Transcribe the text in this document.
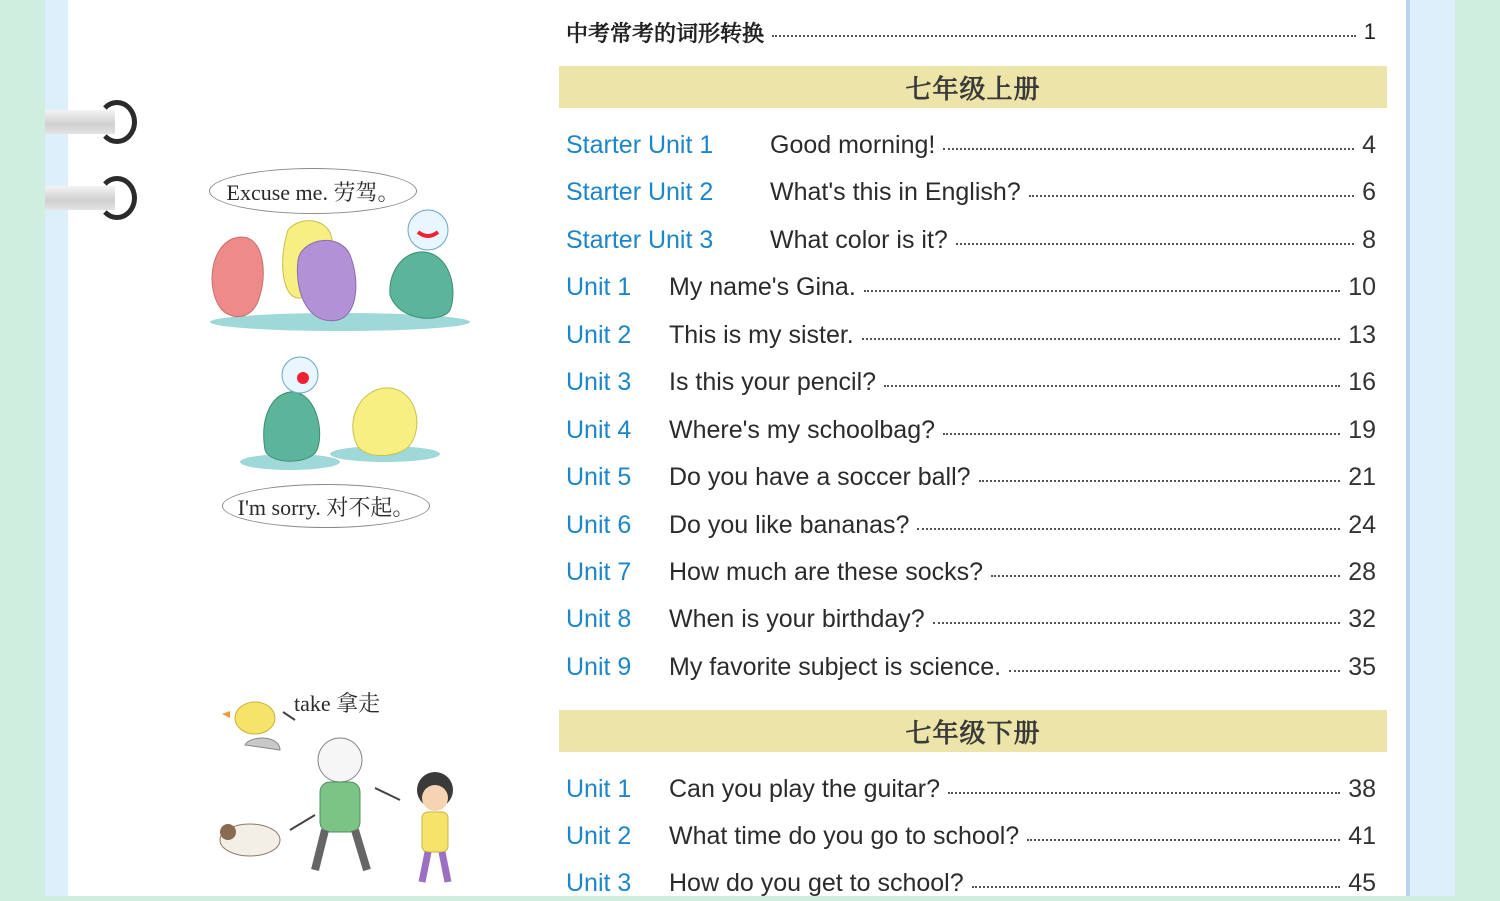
Excuse me. 劳驾。
I'm sorry. 对不起。
take 拿走
中考常考的词形转换	1
七年级上册
Starter Unit 1	Good morning!	4
Starter Unit 2	What's this in English?	6
Starter Unit 3	What color is it?	8
Unit 1	My name's Gina.	10
Unit 2	This is my sister.	13
Unit 3	Is this your pencil?	16
Unit 4	Where's my schoolbag?	19
Unit 5	Do you have a soccer ball?	21
Unit 6	Do you like bananas?	24
Unit 7	How much are these socks?	28
Unit 8	When is your birthday?	32
Unit 9	My favorite subject is science.	35
七年级下册
Unit 1	Can you play the guitar?	38
Unit 2	What time do you go to school?	41
Unit 3	How do you get to school?	45
